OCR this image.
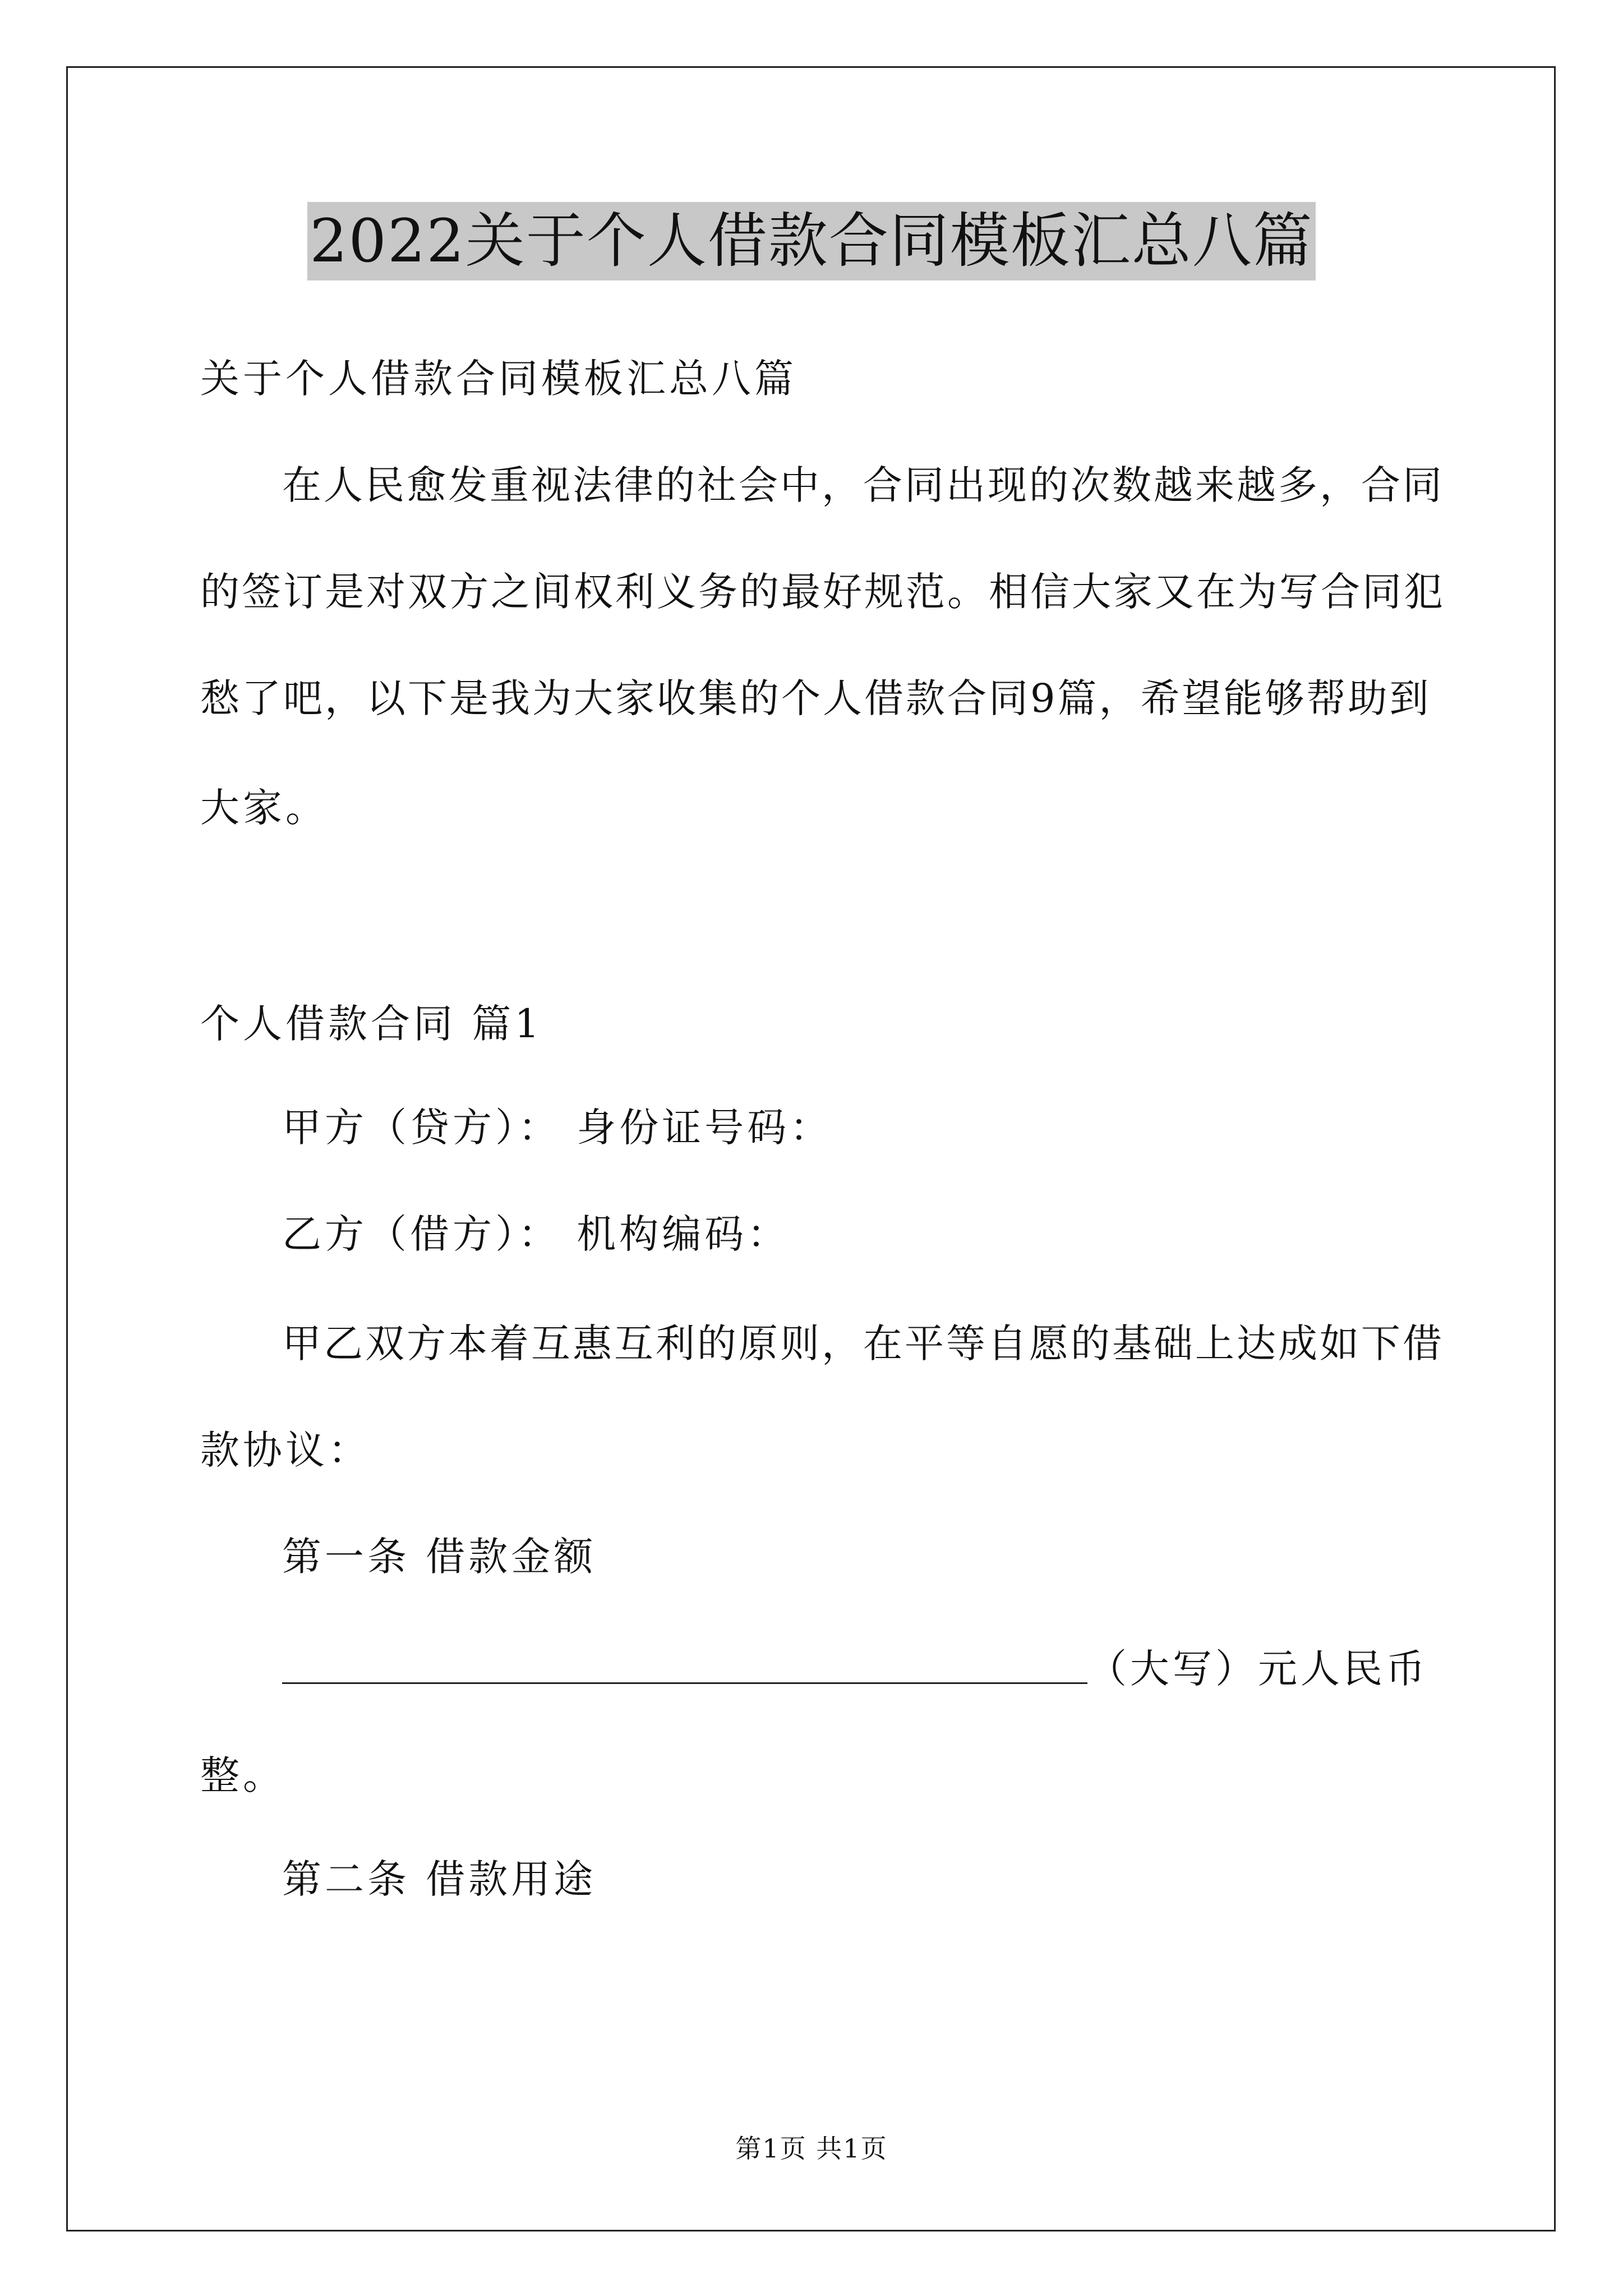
2022关于个人借款合同模板汇总八篇
关于个人借款合同模板汇总八篇
在人民愈发重视法律的社会中，合同出现的次数越来越多，合同
的签订是对双方之间权利义务的最好规范。相信大家又在为写合同犯
愁了吧，以下是我为大家收集的个人借款合同9篇，希望能够帮助到
大家。
个人借款合同 篇1
甲方（贷方）： 身份证号码：
乙方（借方）： 机构编码：
甲乙双方本着互惠互利的原则，在平等自愿的基础上达成如下借
款协议：
第一条 借款金额
（大写）元人民币
整。
第二条 借款用途
第1页 共1页
